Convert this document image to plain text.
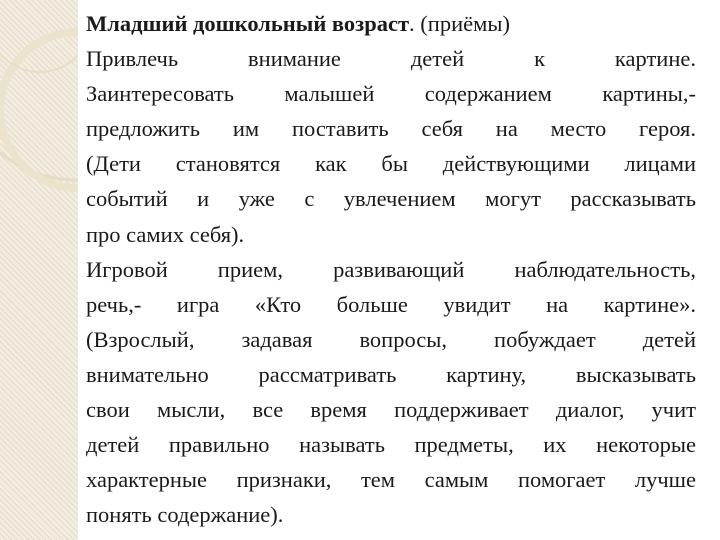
Младший дошкольный возраст. (приёмы)
Привлечь внимание детей к картине.
Заинтересовать малышей содержанием картины,-
предложить им поставить себя на место героя.
(Дети становятся как бы действующими лицами
событий и уже с увлечением могут рассказывать
про самих себя).
Игровой прием, развивающий наблюдательность,
речь,- игра «Кто больше увидит на картине».
(Взрослый, задавая вопросы, побуждает детей
внимательно рассматривать картину, высказывать
свои мысли, все время поддерживает диалог, учит
детей правильно называть предметы, их некоторые
характерные признаки, тем самым помогает лучше
понять содержание).
